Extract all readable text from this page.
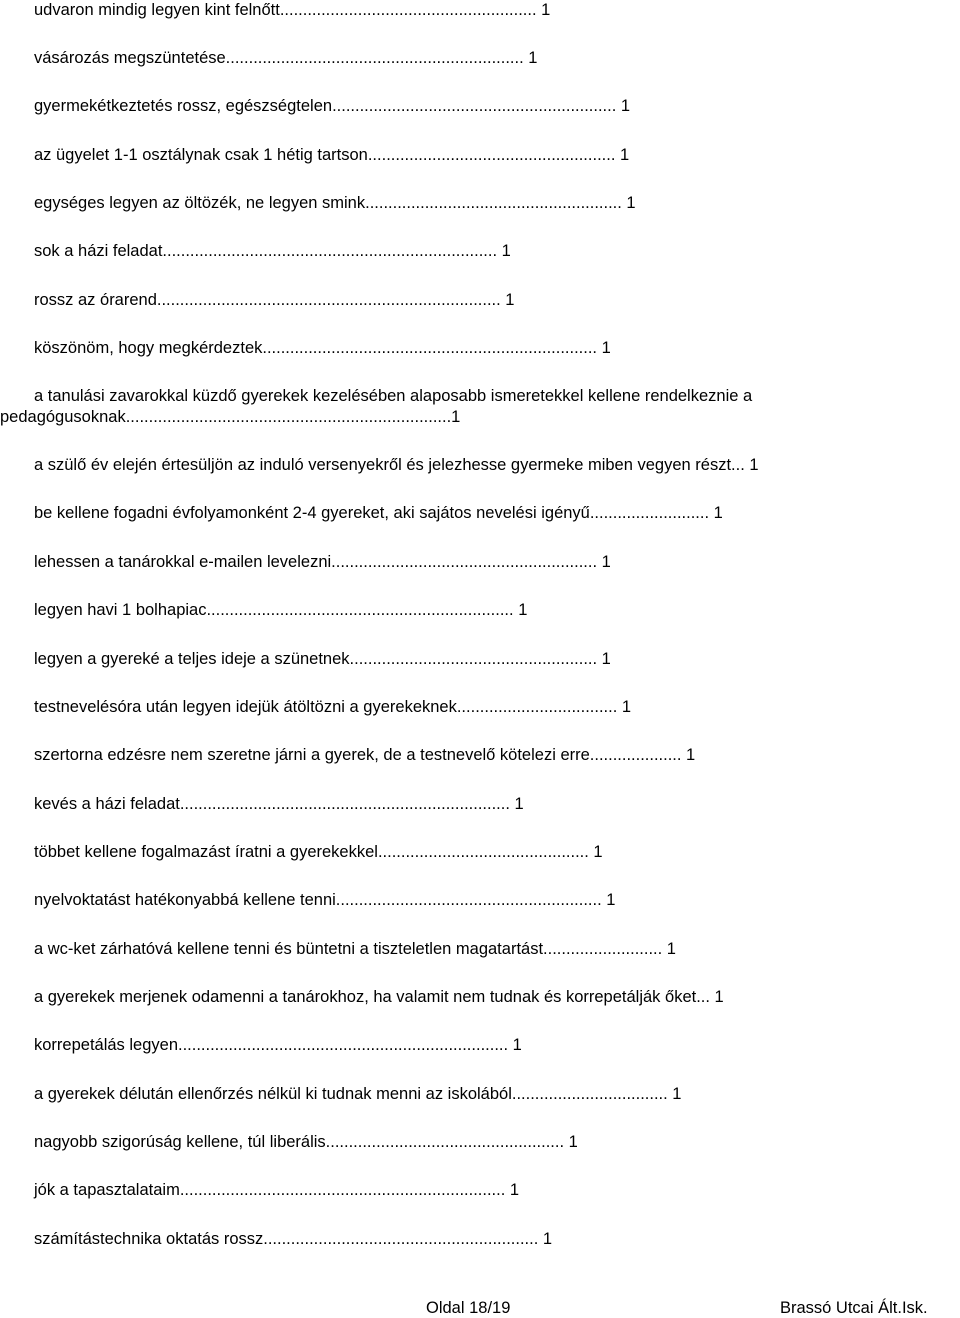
udvaron mindig legyen kint felnőtt........................................................ 1
vásározás megszüntetése................................................................. 1
gyermekétkeztetés rossz, egészségtelen.............................................................. 1
az ügyelet 1-1 osztálynak csak 1 hétig tartson...................................................... 1
egységes legyen az öltözék, ne legyen smink........................................................ 1
sok a házi feladat......................................................................... 1
rossz az órarend........................................................................... 1
köszönöm, hogy megkérdeztek......................................................................... 1
a tanulási zavarokkal küzdő gyerekek kezelésében alaposabb ismeretekkel kellene rendelkeznie a pedagógusoknak.......................................................................1
a szülő év elején értesüljön az induló versenyekről és jelezhesse gyermeke miben vegyen részt... 1
be kellene fogadni évfolyamonként 2-4 gyereket, aki sajátos nevelési igényű.......................... 1
lehessen a tanárokkal e-mailen levelezni.......................................................... 1
legyen havi 1 bolhapiac................................................................... 1
legyen a gyereké a teljes ideje a szünetnek...................................................... 1
testnevelésóra után legyen idejük átöltözni a gyerekeknek................................... 1
szertorna edzésre nem szeretne járni a gyerek, de a testnevelő kötelezi erre.................... 1
kevés a házi feladat........................................................................ 1
többet kellene fogalmazást íratni a gyerekekkel.............................................. 1
nyelvoktatást hatékonyabbá kellene tenni.......................................................... 1
a wc-ket zárhatóvá kellene tenni és büntetni a tiszteletlen magatartást.......................... 1
a gyerekek merjenek odamenni a tanárokhoz, ha valamit nem tudnak és korrepetálják őket... 1
korrepetálás legyen........................................................................ 1
a gyerekek délután ellenőrzés nélkül ki tudnak menni az iskolából.................................. 1
nagyobb szigorúság kellene, túl liberális.................................................... 1
jók a tapasztalataim....................................................................... 1
számítástechnika oktatás rossz............................................................ 1
Oldal 18/19	Brassó Utcai Ált.Isk.
